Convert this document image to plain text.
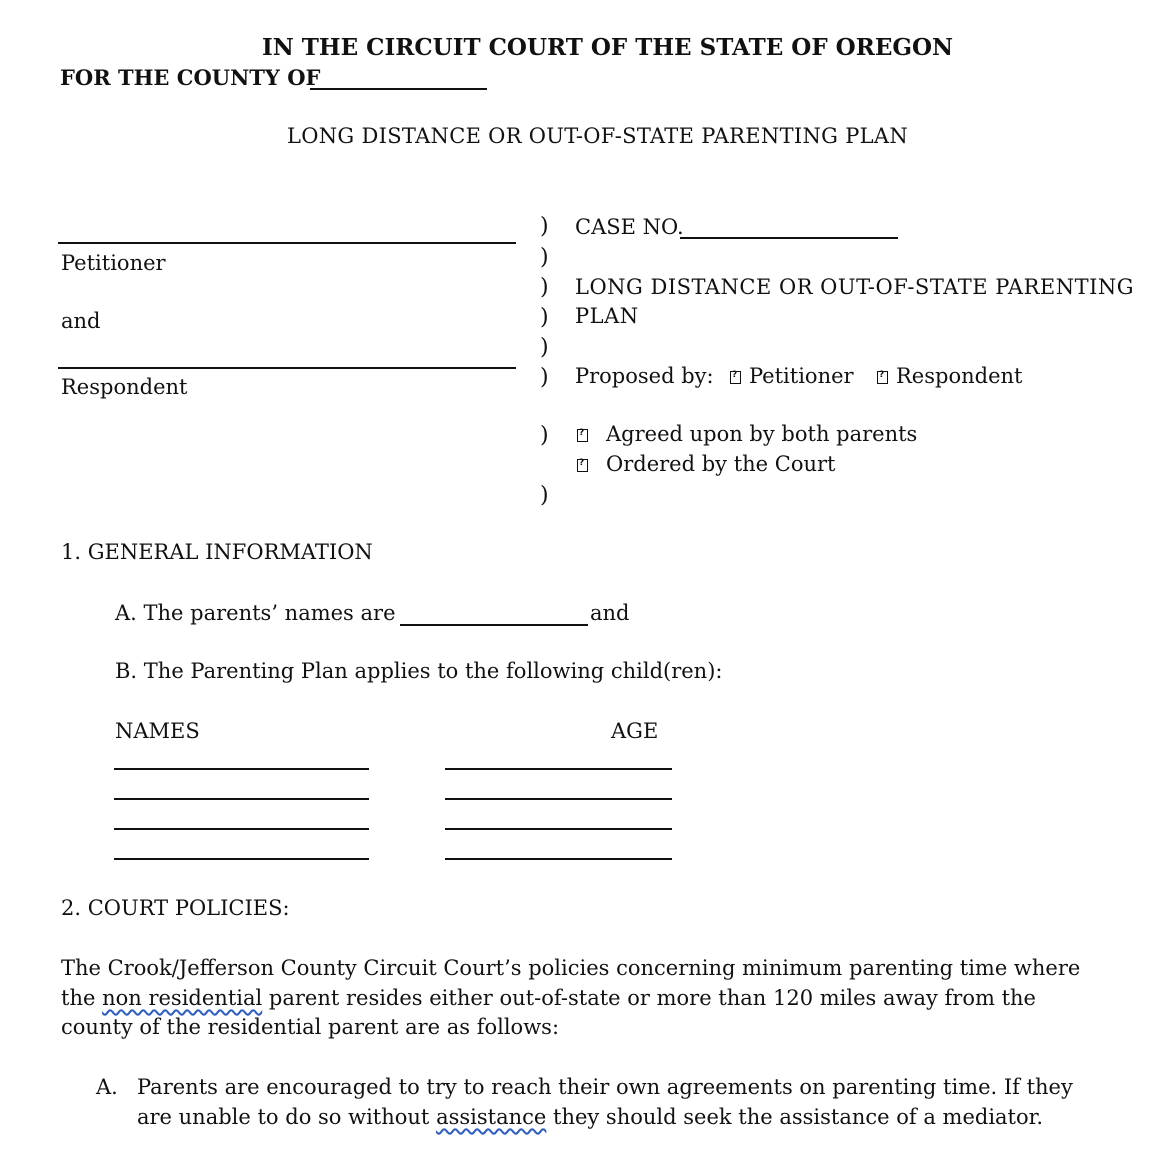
IN THE CIRCUIT COURT OF THE STATE OF OREGON
FOR THE COUNTY OF
LONG DISTANCE OR OUT-OF-STATE PARENTING PLAN
Petitioner
and
Respondent
)
)
)
)
)
)
)
)
CASE NO.
LONG DISTANCE OR OUT-OF-STATE PARENTING
PLAN
Proposed by: ?	Petitioner ?	Respondent
?Agreed upon by both parents
?Ordered by the Court
1. GENERAL INFORMATION
A. The parents’ names are	and
B. The Parenting Plan applies to the following child(ren):
NAMES	AGE
2. COURT POLICIES:
The Crook/Jefferson County Circuit Court’s policies concerning minimum parenting time where
the non residential parent resides either out-of-state or more than 120 miles away from the
county of the residential parent are as follows:
A. Parents are encouraged to try to reach their own agreements on parenting time. If they
are unable to do so without assistance they should seek the assistance of a mediator.
